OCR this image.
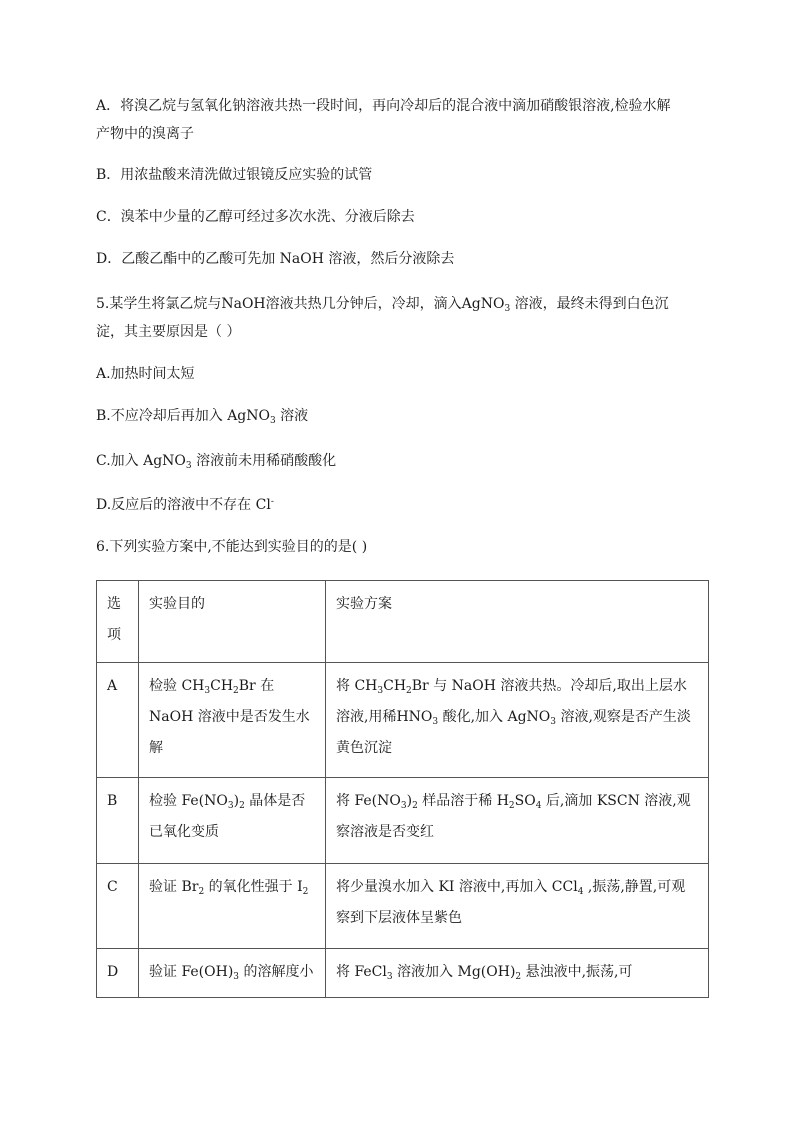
A．将溴乙烷与氢氧化钠溶液共热一段时间，再向冷却后的混合液中滴加硝酸银溶液,检验水解
产物中的溴离子
B．用浓盐酸来清洗做过银镜反应实验的试管
C．溴苯中少量的乙醇可经过多次水洗、分液后除去
D．乙酸乙酯中的乙酸可先加 NaOH 溶液，然后分液除去
5.某学生将氯乙烷与NaOH溶液共热几分钟后，冷却，滴入AgNO$_3$ 溶液，最终未得到白色沉
淀，其主要原因是（ ）
A.加热时间太短
B.不应冷却后再加入 AgNO$_3$ 溶液
C.加入 AgNO$_3$ 溶液前未用稀硝酸酸化
D.反应后的溶液中不存在 Cl-
6.下列实验方案中,不能达到实验目的的是( )
选项	实验目的	实验方案
A	检验 $CH_3CH_2Br$ 在 NaOH 溶液中是否发生水解	将 $CH_3CH_2Br$ 与 NaOH 溶液共热。冷却后,取出上层水溶液,用稀$HNO_3$ 酸化,加入 AgNO$_3$ 溶液,观察是否产生淡黄色沉淀
B	检验 $Fe(NO_3)_2$ 晶体是否已氧化变质	将 $Fe(NO_3)_2$ 样品溶于稀 $H_2SO_4$ 后,滴加 KSCN 溶液,观察溶液是否变红
C	验证 $Br_2$ 的氧化性强于 $I_2$	将少量溴水加入 KI 溶液中,再加入 CCl$_4$ ,振荡,静置,可观察到下层液体呈紫色
D	验证 $Fe(OH)_3$ 的溶解度小	将 FeCl$_3$ 溶液加入 $Mg(OH)_2$ 悬浊液中,振荡,可
